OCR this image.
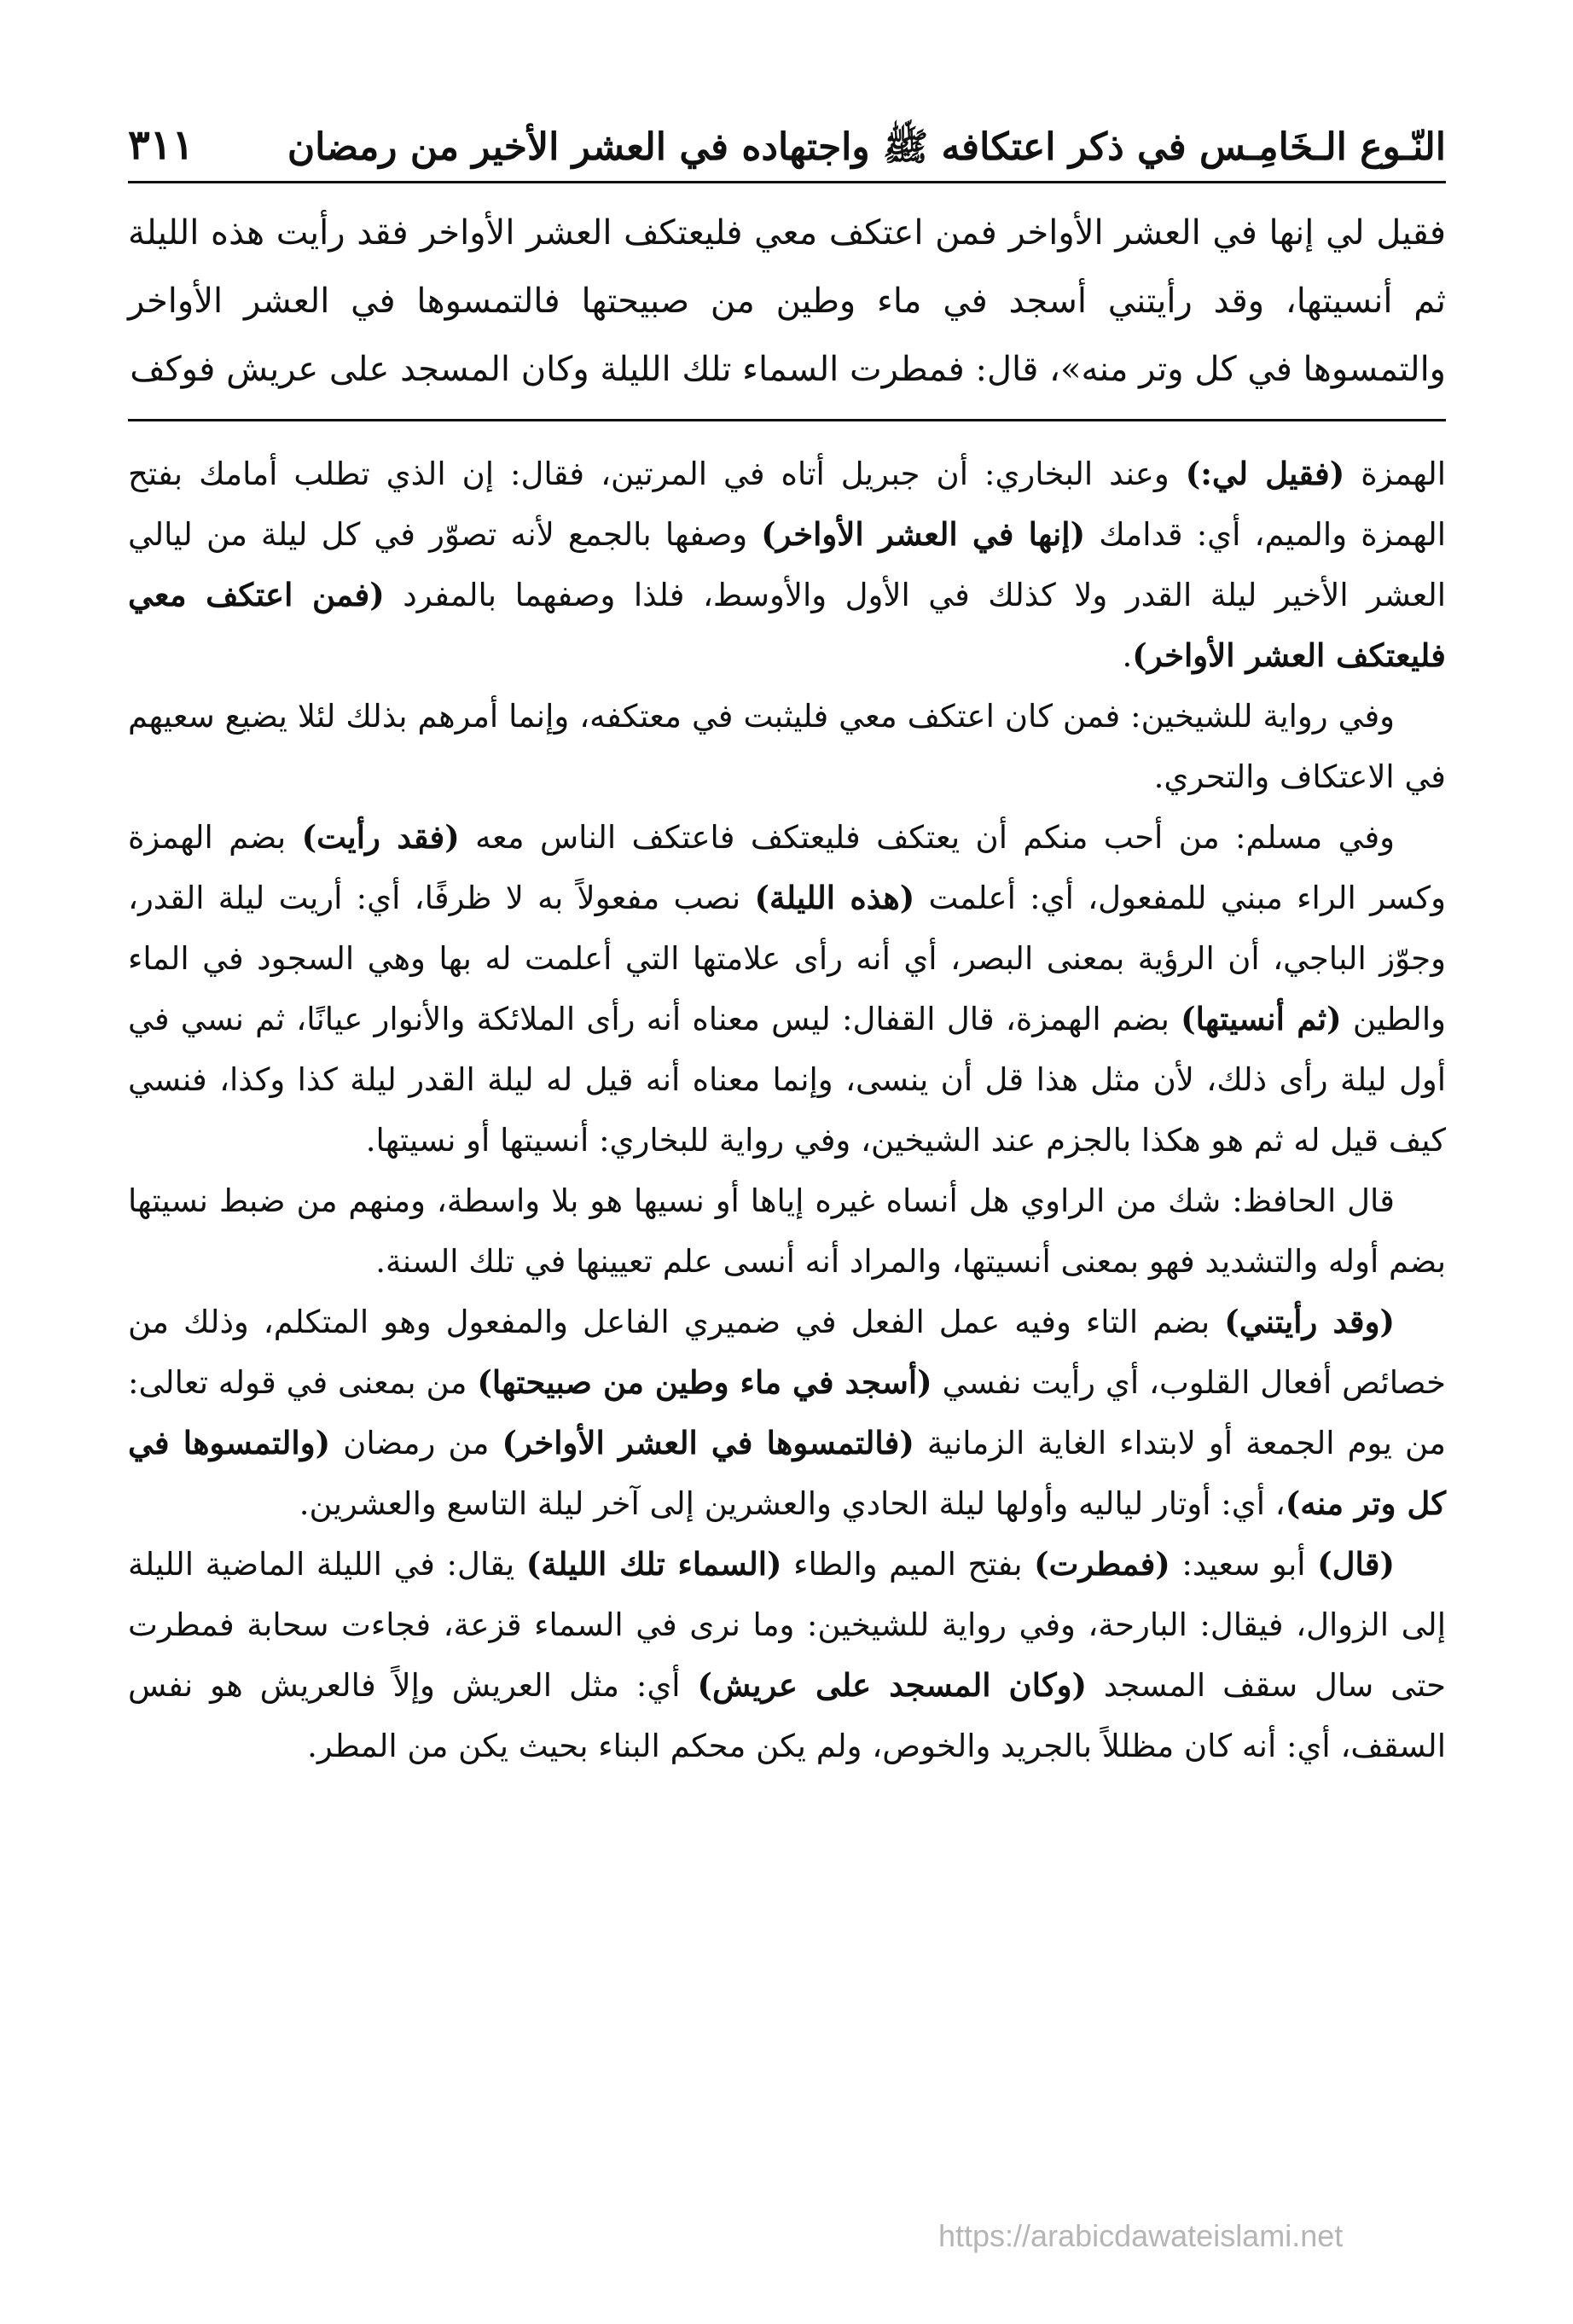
النّـوع الـخَامِـس في ذكر اعتكافه ﷺ واجتهاده في العشر الأخير من رمضان
٣١١
فقيل لي إنها في العشر الأواخر فمن اعتكف معي فليعتكف العشر الأواخر فقد رأيت هذه الليلة ثم أنسيتها، وقد رأيتني أسجد في ماء وطين من صبيحتها فالتمسوها في العشر الأواخر والتمسوها في كل وتر منه»، قال: فمطرت السماء تلك الليلة وكان المسجد على عريش فوكف

الهمزة (فقيل لي:) وعند البخاري: أن جبريل أتاه في المرتين، فقال: إن الذي تطلب أمامك بفتح الهمزة والميم، أي: قدامك (إنها في العشر الأواخر) وصفها بالجمع لأنه تصوّر في كل ليلة من ليالي العشر الأخير ليلة القدر ولا كذلك في الأول والأوسط، فلذا وصفهما بالمفرد (فمن اعتكف معي فليعتكف العشر الأواخر).

وفي رواية للشيخين: فمن كان اعتكف معي فليثبت في معتكفه، وإنما أمرهم بذلك لئلا يضيع سعيهم في الاعتكاف والتحري.

وفي مسلم: من أحب منكم أن يعتكف فليعتكف فاعتكف الناس معه (فقد رأيت) بضم الهمزة وكسر الراء مبني للمفعول، أي: أعلمت (هذه الليلة) نصب مفعولاً به لا ظرفًا، أي: أريت ليلة القدر، وجوّز الباجي، أن الرؤية بمعنى البصر، أي أنه رأى علامتها التي أعلمت له بها وهي السجود في الماء والطين (ثم أنسيتها) بضم الهمزة، قال القفال: ليس معناه أنه رأى الملائكة والأنوار عيانًا، ثم نسي في أول ليلة رأى ذلك، لأن مثل هذا قل أن ينسى، وإنما معناه أنه قيل له ليلة القدر ليلة كذا وكذا، فنسي كيف قيل له ثم هو هكذا بالجزم عند الشيخين، وفي رواية للبخاري: أنسيتها أو نسيتها.

قال الحافظ: شك من الراوي هل أنساه غيره إياها أو نسيها هو بلا واسطة، ومنهم من ضبط نسيتها بضم أوله والتشديد فهو بمعنى أنسيتها، والمراد أنه أنسى علم تعيينها في تلك السنة.

(وقد رأيتني) بضم التاء وفيه عمل الفعل في ضميري الفاعل والمفعول وهو المتكلم، وذلك من خصائص أفعال القلوب، أي رأيت نفسي (أسجد في ماء وطين من صبيحتها) من بمعنى في قوله تعالى: من يوم الجمعة أو لابتداء الغاية الزمانية (فالتمسوها في العشر الأواخر) من رمضان (والتمسوها في كل وتر منه)، أي: أوتار لياليه وأولها ليلة الحادي والعشرين إلى آخر ليلة التاسع والعشرين.

(قال) أبو سعيد: (فمطرت) بفتح الميم والطاء (السماء تلك الليلة) يقال: في الليلة الماضية الليلة إلى الزوال، فيقال: البارحة، وفي رواية للشيخين: وما نرى في السماء قزعة، فجاءت سحابة فمطرت حتى سال سقف المسجد (وكان المسجد على عريش) أي: مثل العريش وإلاً فالعريش هو نفس السقف، أي: أنه كان مظللاً بالجريد والخوص، ولم يكن محكم البناء بحيث يكن من المطر.

https://arabicdawateislami.net
